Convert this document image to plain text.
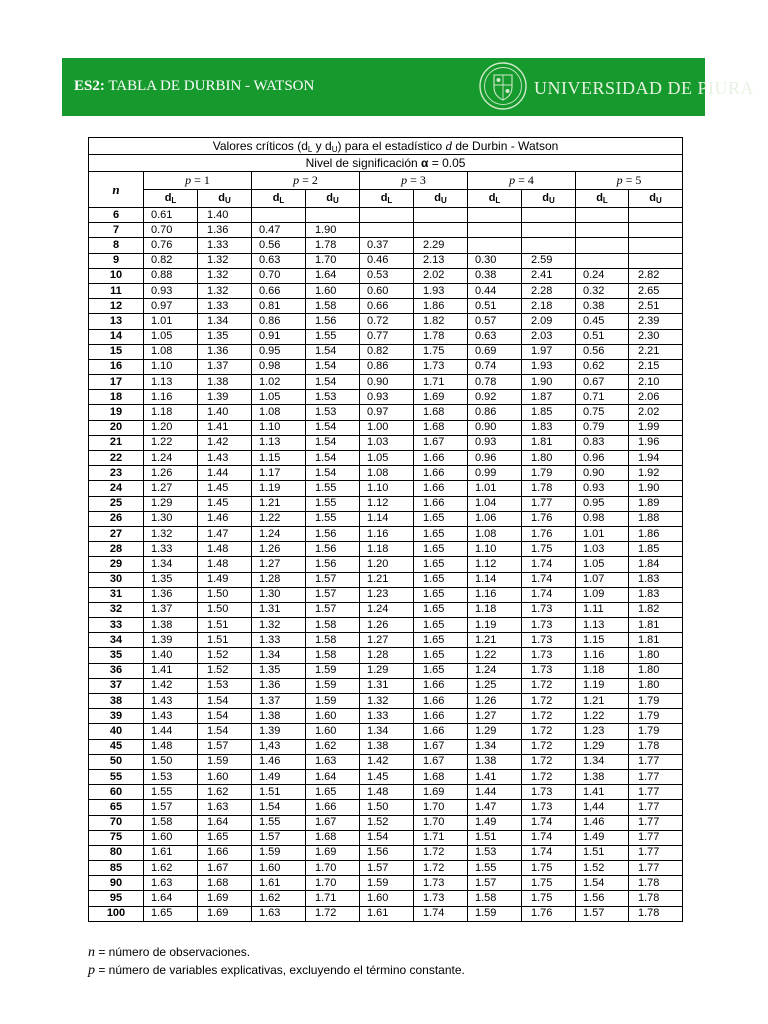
ES2: TABLA DE DURBIN - WATSON	UNIVERSIDAD DE PIURA
Valores críticos ($d_L$ y $d_U$) para el estadístico d de Durbin - Watson										
Nivel de significación α = 0.05										
n	p = 1		p = 2		p = 3		p = 4		p = 5	
	$d_L$	$d_U$	$d_L$	$d_U$	$d_L$	$d_U$	$d_L$	$d_U$	$d_L$	$d_U$
6	0.61	1.40								
7	0.70	1.36	0.47	1.90						
8	0.76	1.33	0.56	1.78	0.37	2.29				
9	0.82	1.32	0.63	1.70	0.46	2.13	0.30	2.59		
10	0.88	1.32	0.70	1.64	0.53	2.02	0.38	2.41	0.24	2.82
11	0.93	1.32	0.66	1.60	0.60	1.93	0.44	2.28	0.32	2.65
12	0.97	1.33	0.81	1.58	0.66	1.86	0.51	2.18	0.38	2.51
13	1.01	1.34	0.86	1.56	0.72	1.82	0.57	2.09	0.45	2.39
14	1.05	1.35	0.91	1.55	0.77	1.78	0.63	2.03	0.51	2.30
15	1.08	1.36	0.95	1.54	0.82	1.75	0.69	1.97	0.56	2.21
16	1.10	1.37	0.98	1.54	0.86	1.73	0.74	1.93	0.62	2.15
17	1.13	1.38	1.02	1.54	0.90	1.71	0.78	1.90	0.67	2.10
18	1.16	1.39	1.05	1.53	0.93	1.69	0.92	1.87	0.71	2.06
19	1.18	1.40	1.08	1.53	0.97	1.68	0.86	1.85	0.75	2.02
20	1.20	1.41	1.10	1.54	1.00	1.68	0.90	1.83	0.79	1.99
21	1.22	1.42	1.13	1.54	1.03	1.67	0.93	1.81	0.83	1.96
22	1.24	1.43	1.15	1.54	1.05	1.66	0.96	1.80	0.96	1.94
23	1.26	1.44	1.17	1.54	1.08	1.66	0.99	1.79	0.90	1.92
24	1.27	1.45	1.19	1.55	1.10	1.66	1.01	1.78	0.93	1.90
25	1.29	1.45	1.21	1.55	1.12	1.66	1.04	1.77	0.95	1.89
26	1.30	1.46	1.22	1.55	1.14	1.65	1.06	1.76	0.98	1.88
27	1.32	1.47	1.24	1.56	1.16	1.65	1.08	1.76	1.01	1.86
28	1.33	1.48	1.26	1.56	1.18	1.65	1.10	1.75	1.03	1.85
29	1.34	1.48	1.27	1.56	1.20	1.65	1.12	1.74	1.05	1.84
30	1.35	1.49	1.28	1.57	1.21	1.65	1.14	1.74	1.07	1.83
31	1.36	1.50	1.30	1.57	1.23	1.65	1.16	1.74	1.09	1.83
32	1.37	1.50	1.31	1.57	1.24	1.65	1.18	1.73	1.11	1.82
33	1.38	1.51	1.32	1.58	1.26	1.65	1.19	1.73	1.13	1.81
34	1.39	1.51	1.33	1.58	1.27	1.65	1.21	1.73	1.15	1.81
35	1.40	1.52	1.34	1.58	1.28	1.65	1.22	1.73	1.16	1.80
36	1.41	1.52	1.35	1.59	1.29	1.65	1.24	1.73	1.18	1.80
37	1.42	1.53	1.36	1.59	1.31	1.66	1.25	1.72	1.19	1.80
38	1.43	1.54	1.37	1.59	1.32	1.66	1.26	1.72	1.21	1.79
39	1.43	1.54	1.38	1.60	1.33	1.66	1.27	1.72	1.22	1.79
40	1.44	1.54	1.39	1.60	1.34	1.66	1.29	1.72	1.23	1.79
45	1.48	1.57	1,43	1.62	1.38	1.67	1.34	1.72	1.29	1.78
50	1.50	1.59	1.46	1.63	1.42	1.67	1.38	1.72	1.34	1.77
55	1.53	1.60	1.49	1.64	1.45	1.68	1.41	1.72	1.38	1.77
60	1.55	1.62	1.51	1.65	1.48	1.69	1.44	1.73	1.41	1.77
65	1.57	1.63	1.54	1.66	1.50	1.70	1.47	1.73	1,44	1.77
70	1.58	1.64	1.55	1.67	1.52	1.70	1.49	1.74	1.46	1.77
75	1.60	1.65	1.57	1.68	1.54	1.71	1.51	1.74	1.49	1.77
80	1.61	1.66	1.59	1.69	1.56	1.72	1.53	1.74	1.51	1.77
85	1.62	1.67	1.60	1.70	1.57	1.72	1.55	1.75	1.52	1.77
90	1.63	1.68	1.61	1.70	1.59	1.73	1.57	1.75	1.54	1.78
95	1.64	1.69	1.62	1.71	1.60	1.73	1.58	1.75	1.56	1.78
100	1.65	1.69	1.63	1.72	1.61	1.74	1.59	1.76	1.57	1.78
n = número de observaciones.
p = número de variables explicativas, excluyendo el término constante.
